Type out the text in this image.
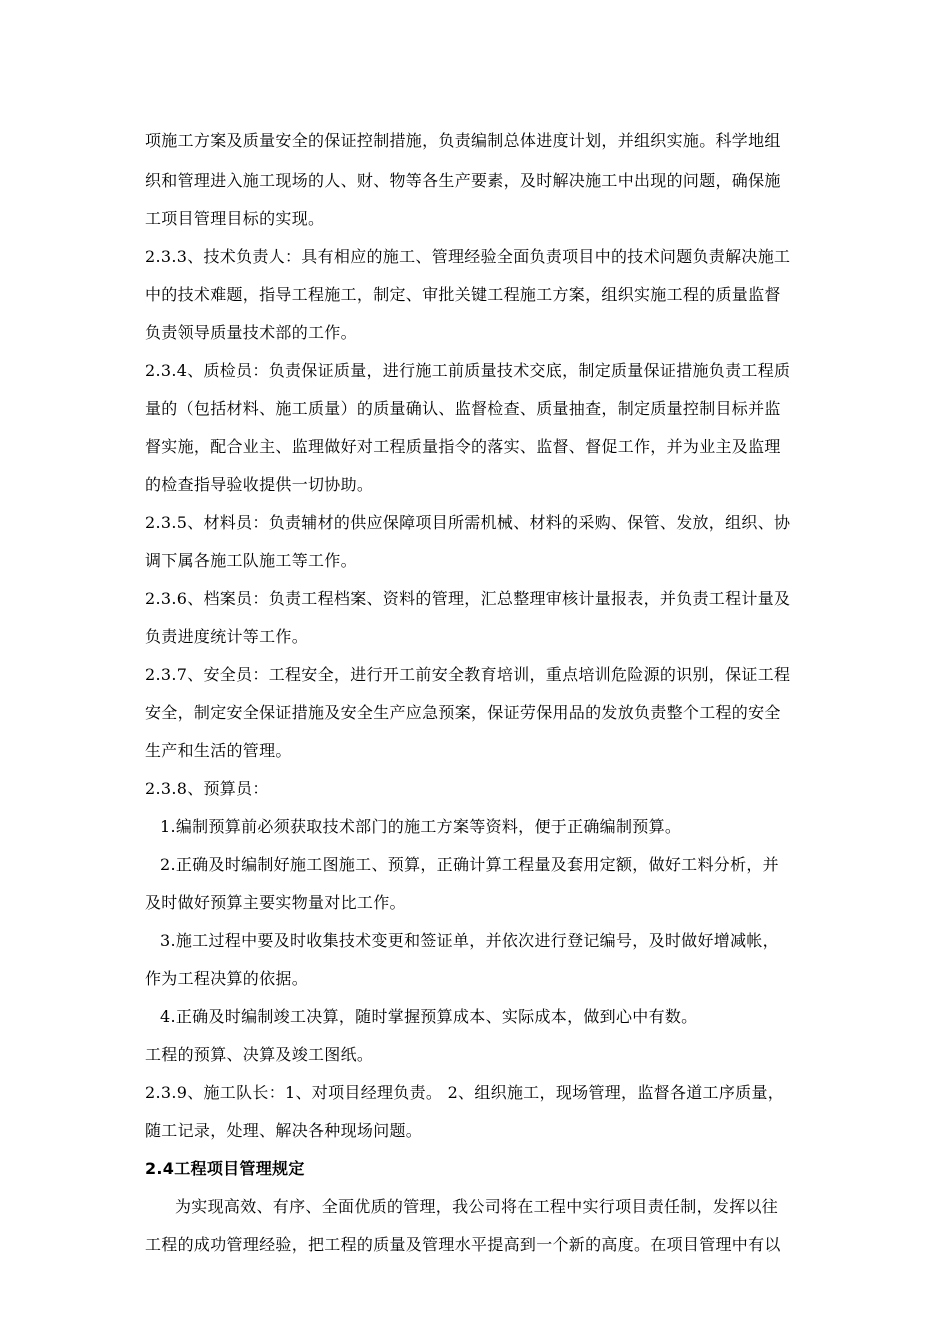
项施工方案及质量安全的保证控制措施，负责编制总体进度计划，并组织实施。科学地组
织和管理进入施工现场的人、财、物等各生产要素，及时解决施工中出现的问题，确保施
工项目管理目标的实现。
2.3.3、技术负责人：具有相应的施工、管理经验全面负责项目中的技术问题负责解决施工
中的技术难题，指导工程施工，制定、审批关键工程施工方案，组织实施工程的质量监督
负责领导质量技术部的工作。
2.3.4、质检员：负责保证质量，进行施工前质量技术交底，制定质量保证措施负责工程质
量的（包括材料、施工质量）的质量确认、监督检查、质量抽查，制定质量控制目标并监
督实施，配合业主、监理做好对工程质量指令的落实、监督、督促工作，并为业主及监理
的检查指导验收提供一切协助。
2.3.5、材料员：负责辅材的供应保障项目所需机械、材料的采购、保管、发放，组织、协
调下属各施工队施工等工作。
2.3.6、档案员：负责工程档案、资料的管理，汇总整理审核计量报表，并负责工程计量及
负责进度统计等工作。
2.3.7、安全员：工程安全，进行开工前安全教育培训，重点培训危险源的识别，保证工程
安全，制定安全保证措施及安全生产应急预案，保证劳保用品的发放负责整个工程的安全
生产和生活的管理。
2.3.8、预算员：
1.编制预算前必须获取技术部门的施工方案等资料，便于正确编制预算。
2.正确及时编制好施工图施工、预算，正确计算工程量及套用定额，做好工料分析，并
及时做好预算主要实物量对比工作。
3.施工过程中要及时收集技术变更和签证单，并依次进行登记编号，及时做好增减帐，
作为工程决算的依据。
4.正确及时编制竣工决算，随时掌握预算成本、实际成本，做到心中有数。
工程的预算、决算及竣工图纸。
2.3.9、施工队长：1、对项目经理负责。 2、组织施工，现场管理，监督各道工序质量，
随工记录，处理、解决各种现场问题。
2.4工程项目管理规定
为实现高效、有序、全面优质的管理，我公司将在工程中实行项目责任制，发挥以往
工程的成功管理经验，把工程的质量及管理水平提高到一个新的高度。在项目管理中有以
